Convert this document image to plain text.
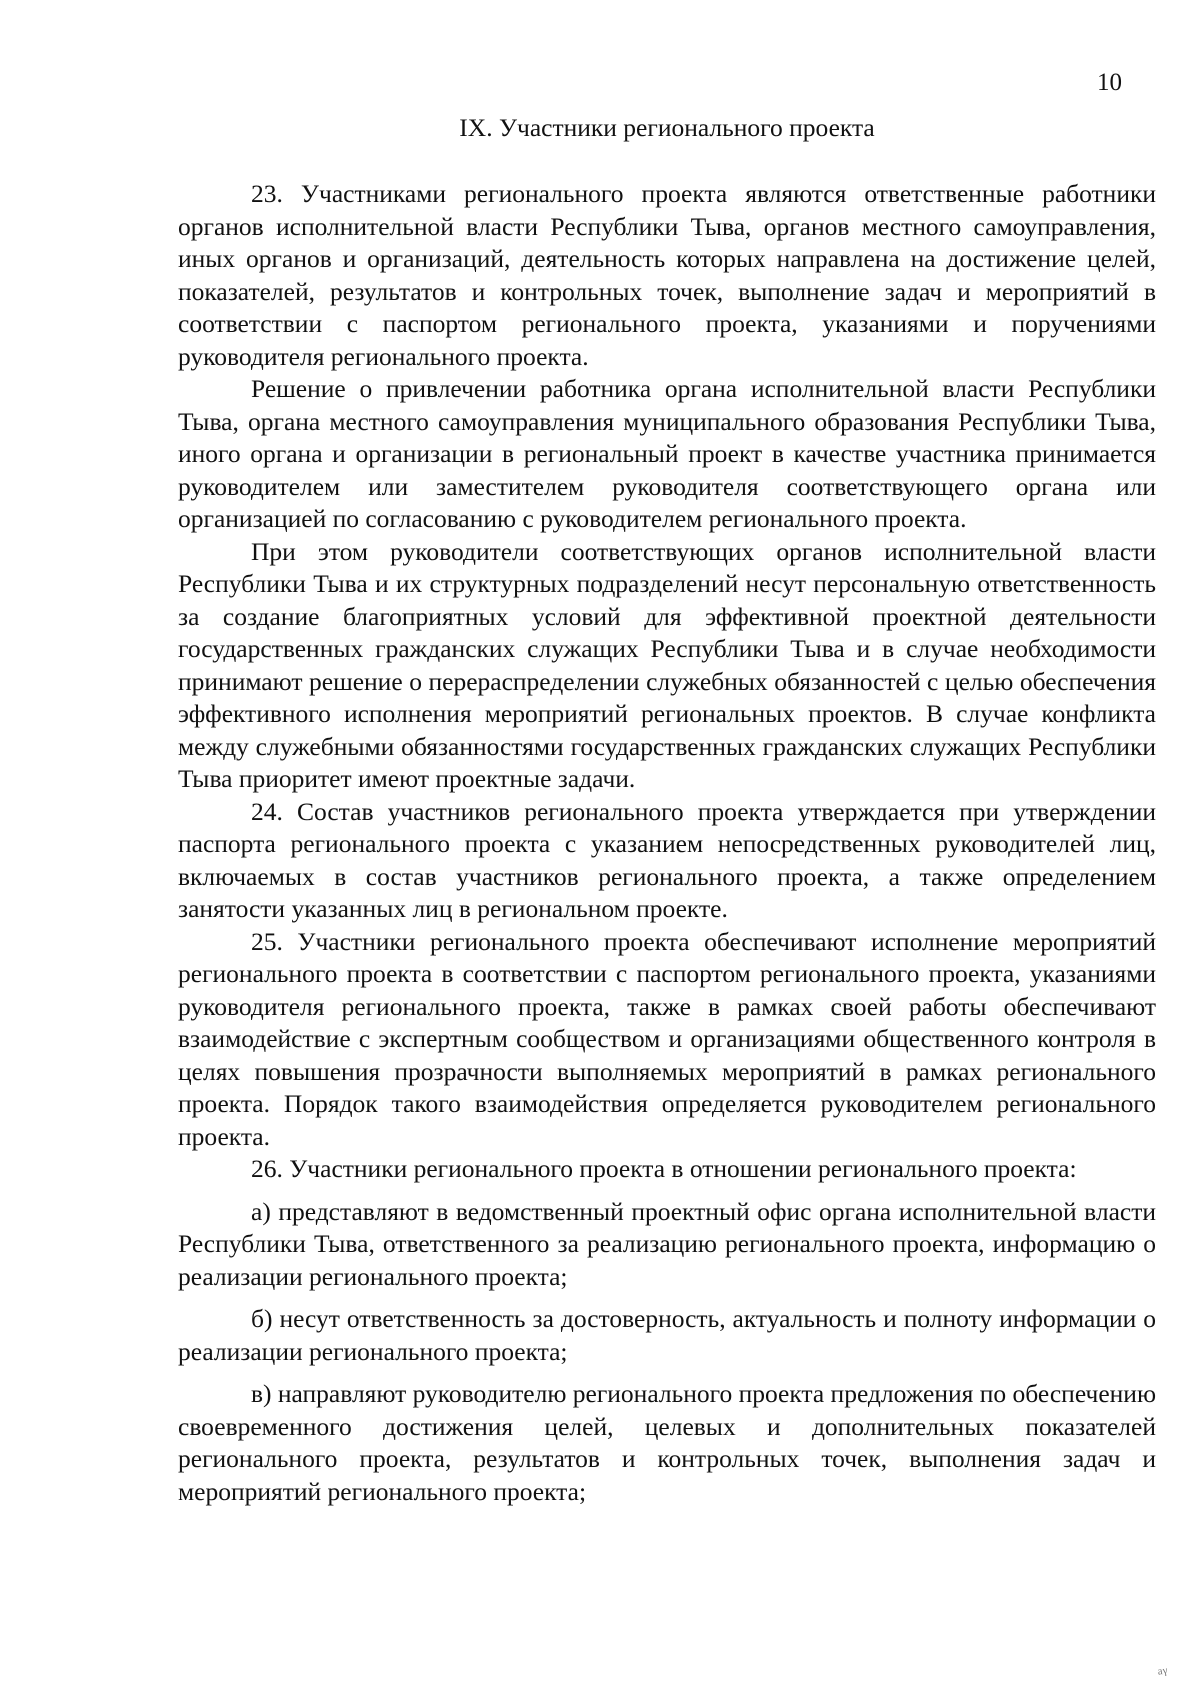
10
IX. Участники регионального проекта

23. Участниками регионального проекта являются ответственные работники органов исполнительной власти Республики Тыва, органов местного самоуправления, иных органов и организаций, деятельность которых направлена на достижение целей, показателей, результатов и контрольных точек, выполнение задач и мероприятий в соответствии с паспортом регионального проекта, указаниями и поручениями руководителя регионального проекта.

Решение о привлечении работника органа исполнительной власти Республики Тыва, органа местного самоуправления муниципального образования Республики Тыва, иного органа и организации в региональный проект в качестве участника принимается руководителем или заместителем руководителя соответствующего органа или организацией по согласованию с руководителем регионального проекта.

При этом руководители соответствующих органов исполнительной власти Республики Тыва и их структурных подразделений несут персональную ответственность за создание благоприятных условий для эффективной проектной деятельности государственных гражданских служащих Республики Тыва и в случае необходимости принимают решение о перераспределении служебных обязанностей с целью обеспечения эффективного исполнения мероприятий региональных проектов. В случае конфликта между служебными обязанностями государственных гражданских служащих Республики Тыва приоритет имеют проектные задачи.

24. Состав участников регионального проекта утверждается при утверждении паспорта регионального проекта с указанием непосредственных руководителей лиц, включаемых в состав участников регионального проекта, а также определением занятости указанных лиц в региональном проекте.

25. Участники регионального проекта обеспечивают исполнение мероприятий регионального проекта в соответствии с паспортом регионального проекта, указаниями руководителя регионального проекта, также в рамках своей работы обеспечивают взаимодействие с экспертным сообществом и организациями общественного контроля в целях повышения прозрачности выполняемых мероприятий в рамках регионального проекта. Порядок такого взаимодействия определяется руководителем регионального проекта.

26. Участники регионального проекта в отношении регионального проекта:

а) представляют в ведомственный проектный офис органа исполнительной власти Республики Тыва, ответственного за реализацию регионального проекта, информацию о реализации регионального проекта;

б) несут ответственность за достоверность, актуальность и полноту информации о реализации регионального проекта;

в) направляют руководителю регионального проекта предложения по обеспечению своевременного достижения целей, целевых и дополнительных показателей регионального проекта, результатов и контрольных точек, выполнения задач и мероприятий регионального проекта;

ᵃᵞ
